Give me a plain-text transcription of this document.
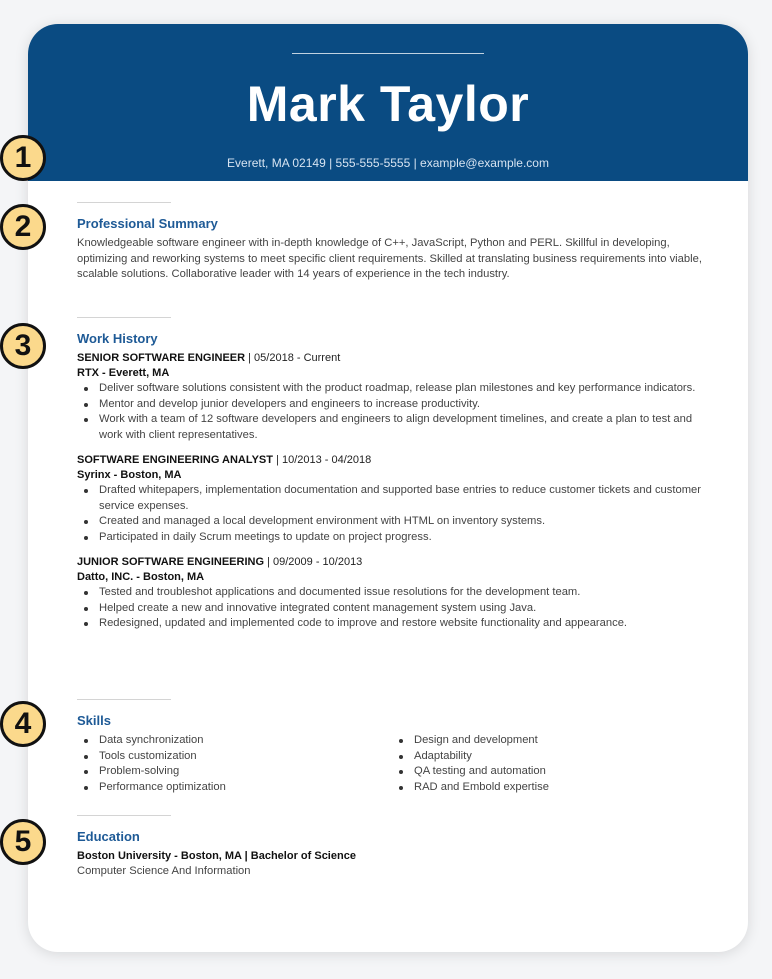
Mark Taylor
Everett, MA 02149 | 555-555-5555 | example@example.com
Professional Summary
Knowledgeable software engineer with in-depth knowledge of C++, JavaScript, Python and PERL. Skillful in developing, optimizing and reworking systems to meet specific client requirements. Skilled at translating business requirements into viable, scalable solutions. Collaborative leader with 14 years of experience in the tech industry.
Work History
SENIOR SOFTWARE ENGINEER | 05/2018 - Current
RTX - Everett, MA
Deliver software solutions consistent with the product roadmap, release plan milestones and key performance indicators.
Mentor and develop junior developers and engineers to increase productivity.
Work with a team of 12 software developers and engineers to align development timelines, and create a plan to test and work with client representatives.
SOFTWARE ENGINEERING ANALYST | 10/2013 - 04/2018
Syrinx - Boston, MA
Drafted whitepapers, implementation documentation and supported base entries to reduce customer tickets and customer service expenses.
Created and managed a local development environment with HTML on inventory systems.
Participated in daily Scrum meetings to update on project progress.
JUNIOR SOFTWARE ENGINEERING | 09/2009 - 10/2013
Datto, INC. - Boston, MA
Tested and troubleshot applications and documented issue resolutions for the development team.
Helped create a new and innovative integrated content management system using Java.
Redesigned, updated and implemented code to improve and restore website functionality and appearance.
Skills
Data synchronization
Tools customization
Problem-solving
Performance optimization
Design and development
Adaptability
QA testing and automation
RAD and Embold expertise
Education
Boston University - Boston, MA | Bachelor of Science
Computer Science And Information
1
2
3
4
5
